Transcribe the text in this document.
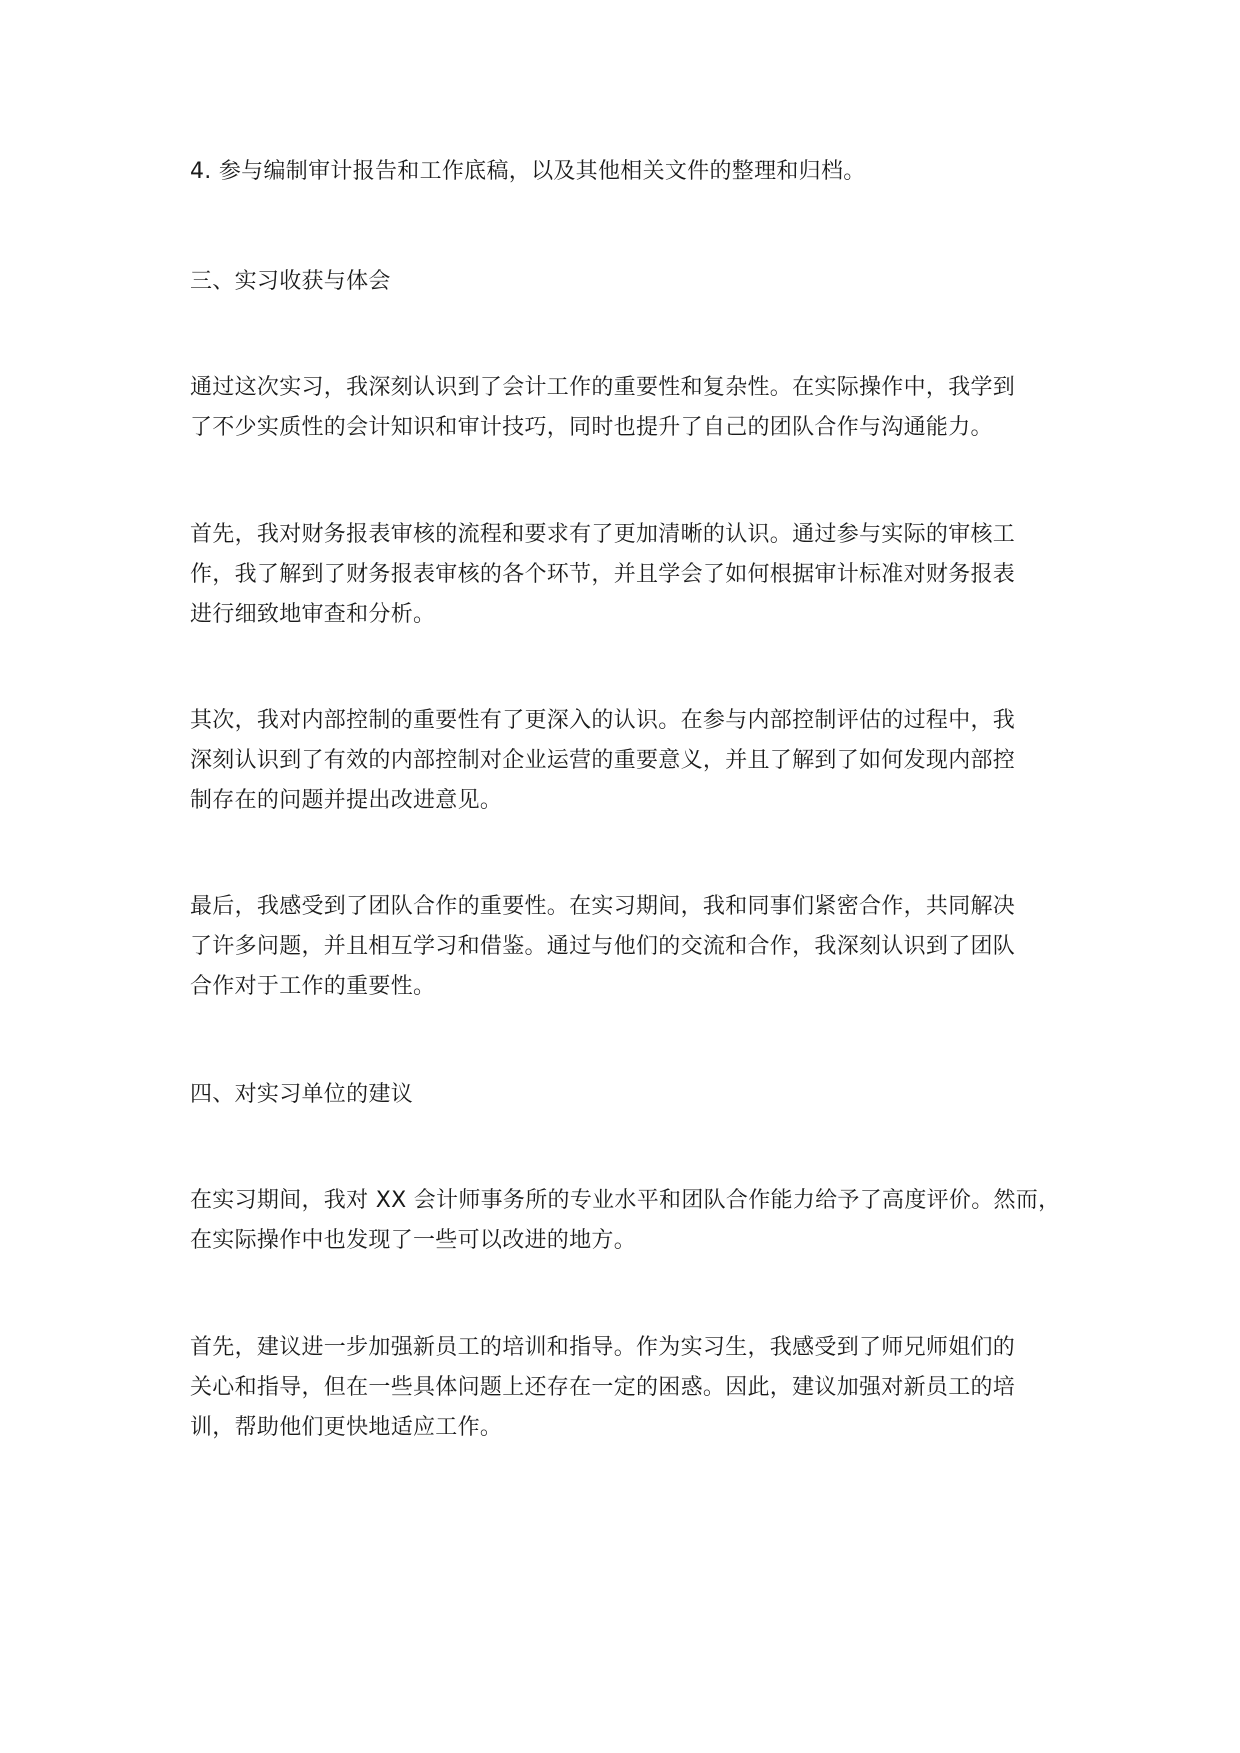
4. 参与编制审计报告和工作底稿，以及其他相关文件的整理和归档。

三、实习收获与体会

通过这次实习，我深刻认识到了会计工作的重要性和复杂性。在实际操作中，我学到
了不少实质性的会计知识和审计技巧，同时也提升了自己的团队合作与沟通能力。

首先，我对财务报表审核的流程和要求有了更加清晰的认识。通过参与实际的审核工
作，我了解到了财务报表审核的各个环节，并且学会了如何根据审计标准对财务报表
进行细致地审查和分析。

其次，我对内部控制的重要性有了更深入的认识。在参与内部控制评估的过程中，我
深刻认识到了有效的内部控制对企业运营的重要意义，并且了解到了如何发现内部控
制存在的问题并提出改进意见。

最后，我感受到了团队合作的重要性。在实习期间，我和同事们紧密合作，共同解决
了许多问题，并且相互学习和借鉴。通过与他们的交流和合作，我深刻认识到了团队
合作对于工作的重要性。

四、对实习单位的建议

在实习期间，我对 XX 会计师事务所的专业水平和团队合作能力给予了高度评价。然而，
在实际操作中也发现了一些可以改进的地方。

首先，建议进一步加强新员工的培训和指导。作为实习生，我感受到了师兄师姐们的
关心和指导，但在一些具体问题上还存在一定的困惑。因此，建议加强对新员工的培
训，帮助他们更快地适应工作。
